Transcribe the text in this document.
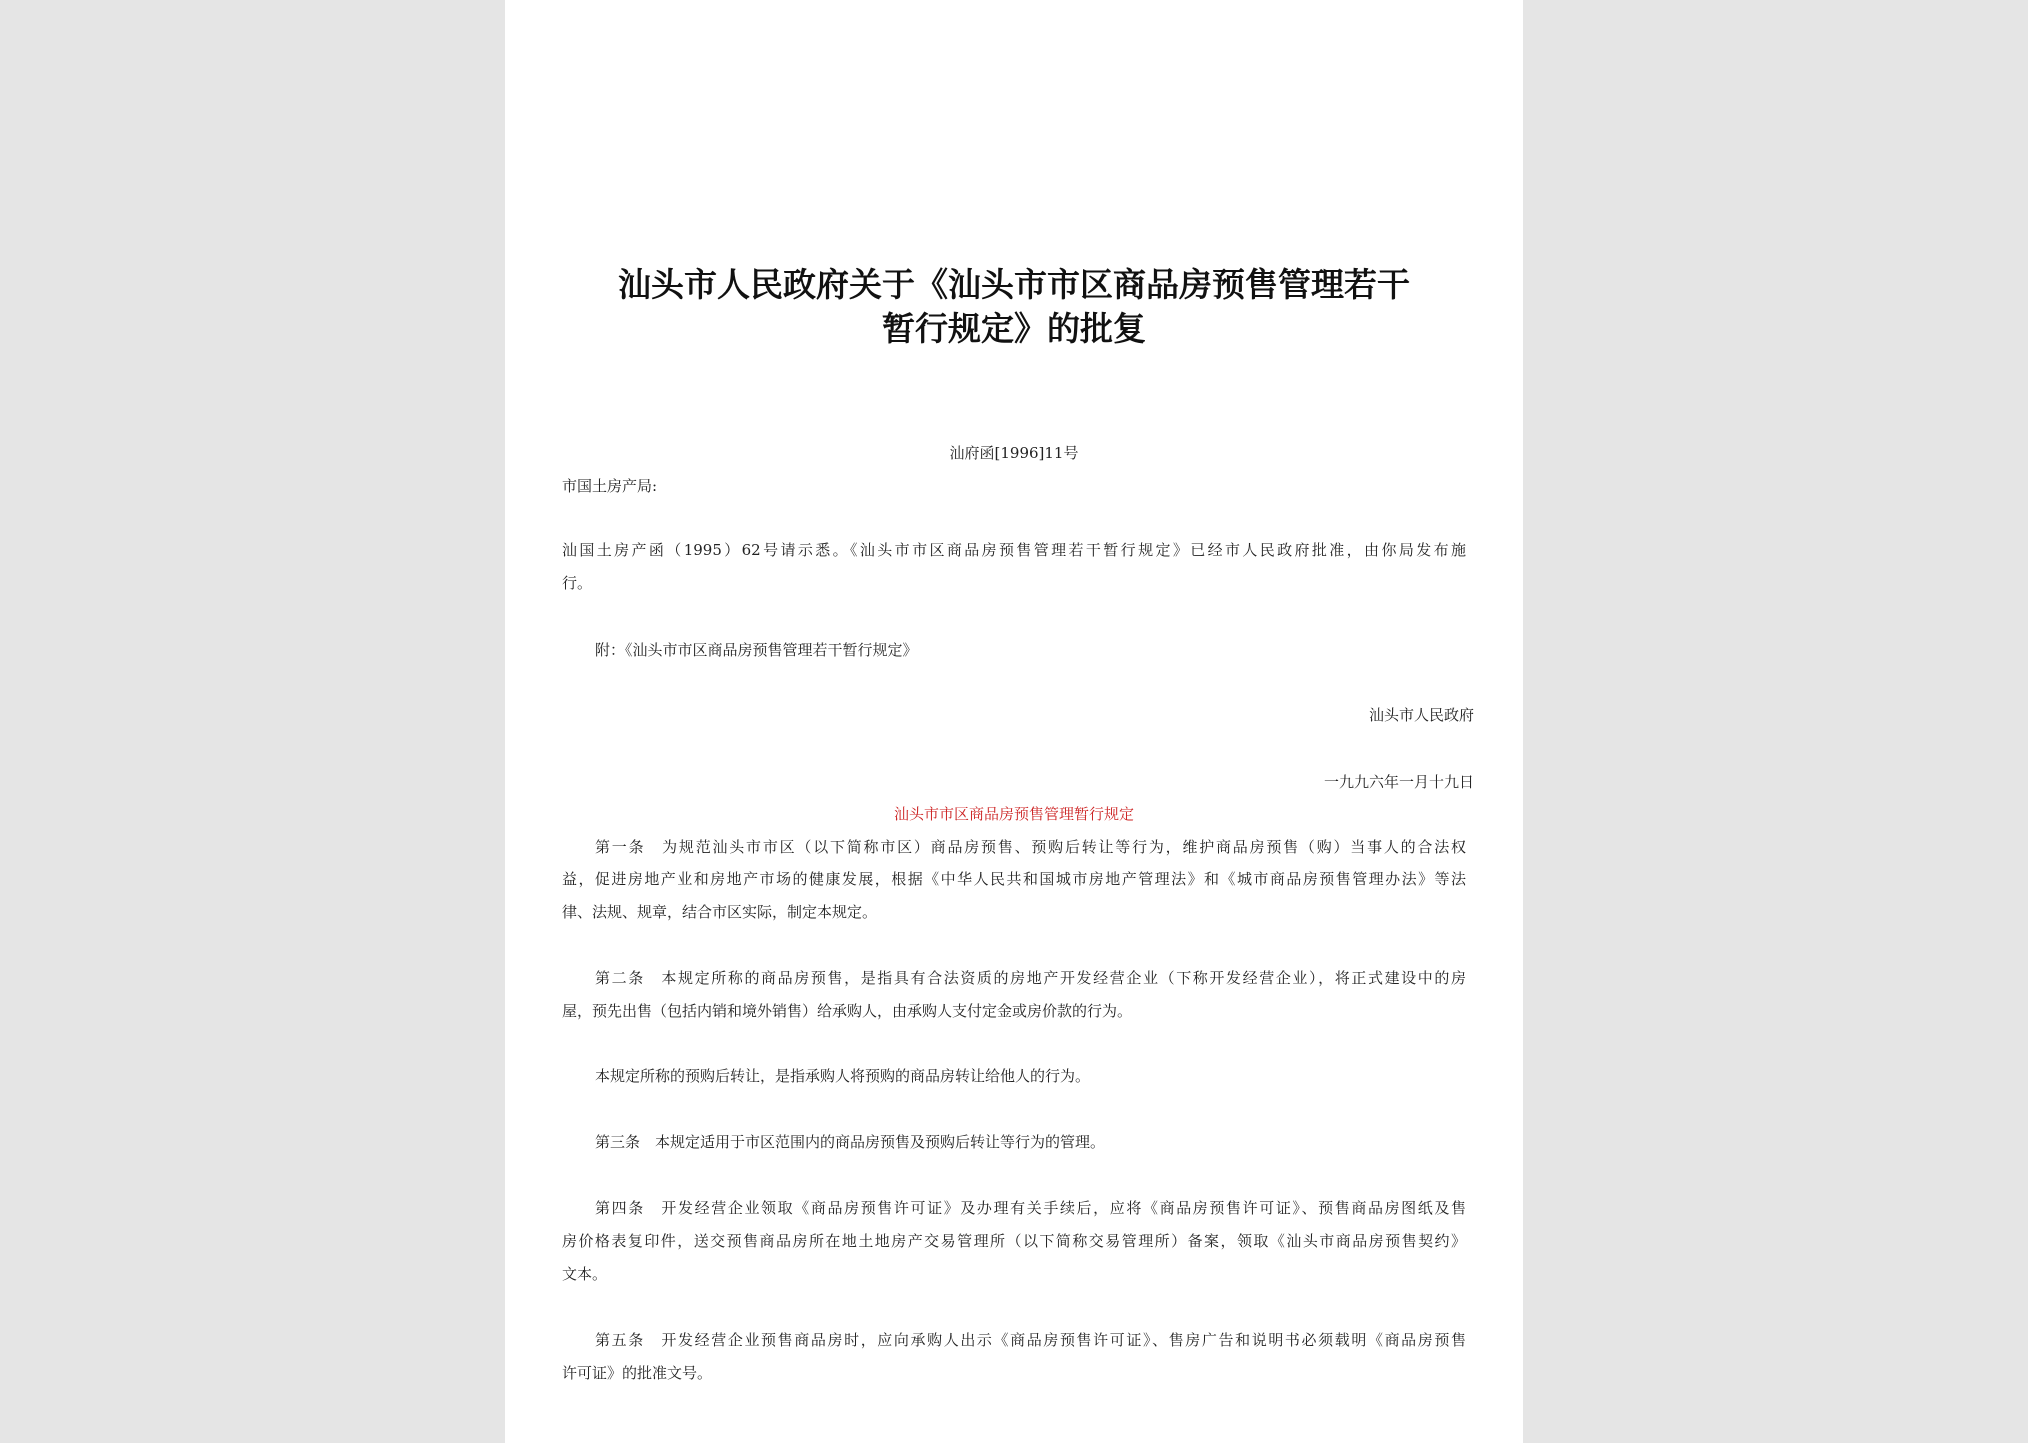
汕头市人民政府关于《汕头市市区商品房预售管理若干
暂行规定》的批复
汕府函[1996]11号
市国土房产局:
汕国土房产函（1995）62号请示悉。《汕头市市区商品房预售管理若干暂行规定》已经市人民政府批准，由你局发布施
行。
附：《汕头市市区商品房预售管理若干暂行规定》
汕头市人民政府
一九九六年一月十九日
汕头市市区商品房预售管理暂行规定
第一条　为规范汕头市市区（以下简称市区）商品房预售、预购后转让等行为，维护商品房预售（购）当事人的合法权
益，促进房地产业和房地产市场的健康发展，根据《中华人民共和国城市房地产管理法》和《城市商品房预售管理办法》等法
律、法规、规章，结合市区实际，制定本规定。
第二条　本规定所称的商品房预售，是指具有合法资质的房地产开发经营企业（下称开发经营企业），将正式建设中的房
屋，预先出售（包括内销和境外销售）给承购人，由承购人支付定金或房价款的行为。
本规定所称的预购后转让，是指承购人将预购的商品房转让给他人的行为。
第三条　本规定适用于市区范围内的商品房预售及预购后转让等行为的管理。
第四条　开发经营企业领取《商品房预售许可证》及办理有关手续后，应将《商品房预售许可证》、预售商品房图纸及售
房价格表复印件，送交预售商品房所在地土地房产交易管理所（以下简称交易管理所）备案，领取《汕头市商品房预售契约》
文本。
第五条　开发经营企业预售商品房时，应向承购人出示《商品房预售许可证》、售房广告和说明书必须载明《商品房预售
许可证》的批准文号。
